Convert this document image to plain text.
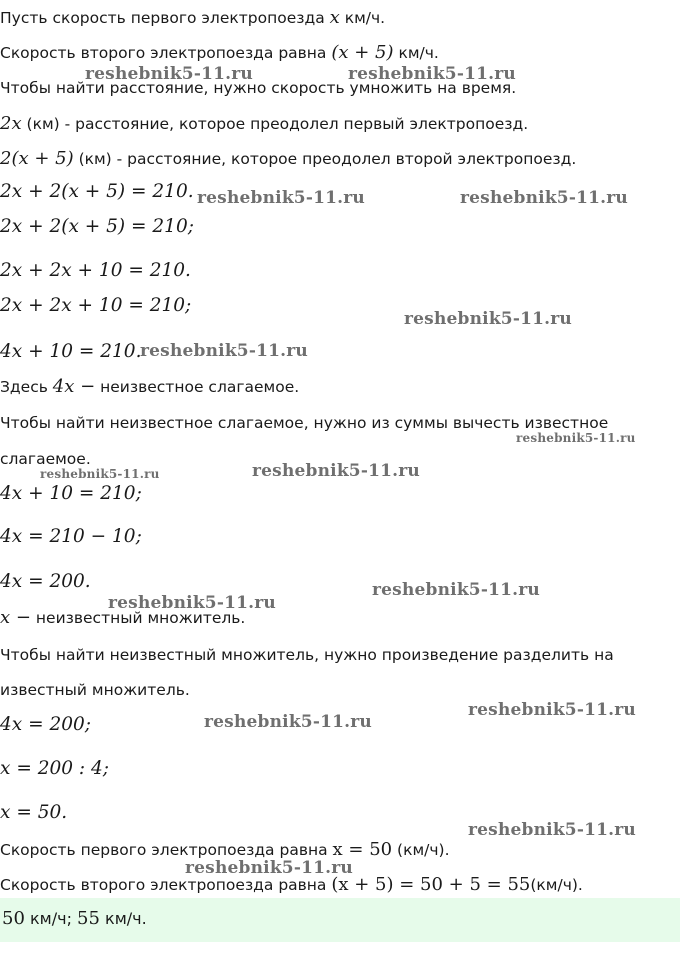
Пусть скорость первого электропоезда x км/ч.
Скорость второго электропоезда равна (x + 5) км/ч.
Чтобы найти расстояние, нужно скорость умножить на время.
2x (км) - расстояние, которое преодолел первый электропоезд.
2(x + 5) (км) - расстояние, которое преодолел второй электропоезд.
2x + 2(x + 5) = 210.
2x + 2(x + 5) = 210;
2x + 2x + 10 = 210.
2x + 2x + 10 = 210;
4x + 10 = 210.
Здесь 4x − неизвестное слагаемое.
Чтобы найти неизвестное слагаемое, нужно из суммы вычесть известное
слагаемое.
4x + 10 = 210;
4x = 210 − 10;
4x = 200.
x − неизвестный множитель.
Чтобы найти неизвестный множитель, нужно произведение разделить на
известный множитель.
4x = 200;
x = 200 : 4;
x = 50.
Скорость первого электропоезда равна x = 50 (км/ч).
Скорость второго электропоезда равна (x + 5) = 50 + 5 = 55(км/ч).
50 км/ч; 55 км/ч.
reshebnik5-11.ru	reshebnik5-11.ru
reshebnik5-11.ru	reshebnik5-11.ru
reshebnik5-11.ru
reshebnik5-11.ru
reshebnik5-11.ru
reshebnik5-11.ru	reshebnik5-11.ru
reshebnik5-11.ru
reshebnik5-11.ru
reshebnik5-11.ru
reshebnik5-11.ru
reshebnik5-11.ru
reshebnik5-11.ru
